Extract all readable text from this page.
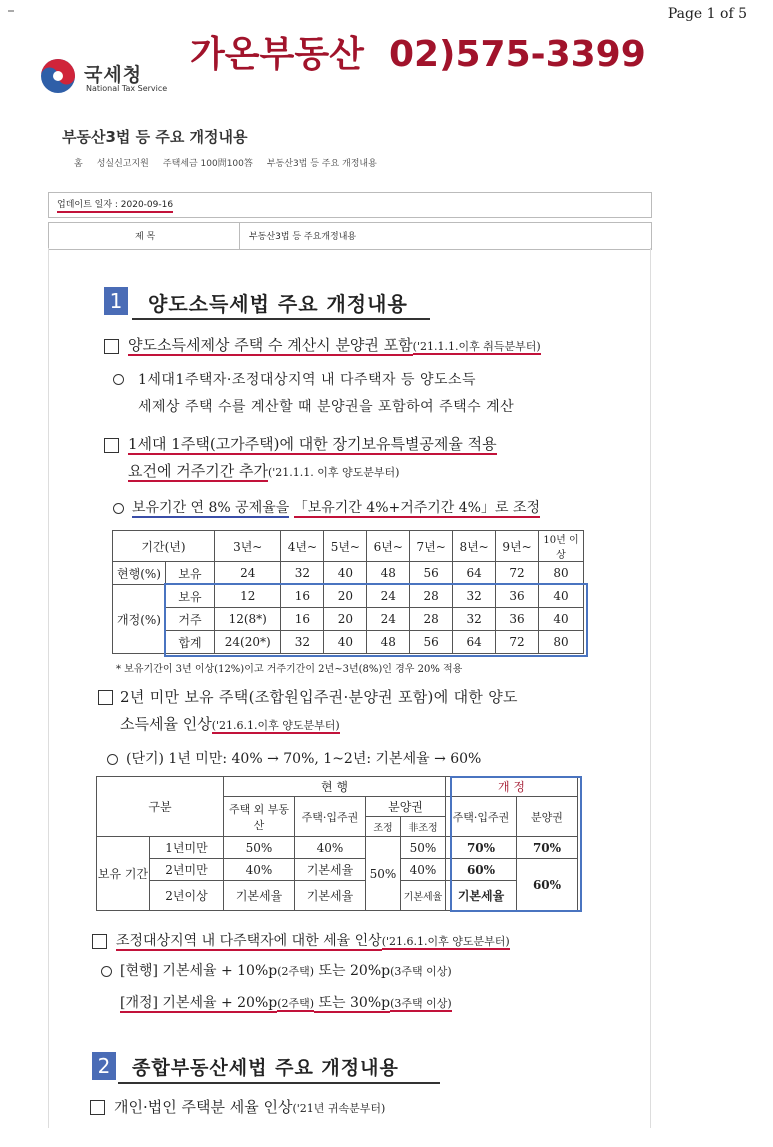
Page 1 of 5
국세청
National Tax Service
가온부동산  02)575-3399
부동산3법 등 주요 개정내용
홈 성실신고지원 주택세금 100問100答 부동산3법 등 주요 개정내용
업데이트 일자 : 2020-09-16
제 목	부동산3법 등 주요개정내용
1 양도소득세법 주요 개정내용
양도소득세제상 주택 수 계산시 분양권 포함('21.1.1.이후 취득분부터)
1세대1주택자·조정대상지역 내 다주택자 등 양도소득
세제상 주택 수를 계산할 때 분양권을 포함하여 주택수 계산
1세대 1주택(고가주택)에 대한 장기보유특별공제율 적용
요건에 거주기간 추가('21.1.1. 이후 양도분부터)
보유기간 연 8% 공제율을 「보유기간 4%+거주기간 4%」로 조정
기간(년)		3년~	4년~	5년~	6년~	7년~	8년~	9년~	10년 이상
현행(%)	보유	24	32	40	48	56	64	72	80
개정(%)	보유	12	16	20	24	28	32	36	40
	거주	12(8*)	16	20	24	28	32	36	40
	합계	24(20*)	32	40	48	56	64	72	80
* 보유기간이 3년 이상(12%)이고 거주기간이 2년~3년(8%)인 경우 20% 적용
2년 미만 보유 주택(조합원입주권·분양권 포함)에 대한 양도
소득세율 인상('21.6.1.이후 양도분부터)
(단기) 1년 미만: 40% → 70%, 1~2년: 기본세율 → 60%
구분		현 행				개 정	
		주택 외 부동산	주택·입주권	분양권		주택·입주권	분양권
				조정	非조정		
보유 기간	1년미만	50%	40%	50%	50%	70%	70%
	2년미만	40%	기본세율		40%	60%	60%
	2년이상	기본세율	기본세율		기본세율	기본세율	
조정대상지역 내 다주택자에 대한 세율 인상('21.6.1.이후 양도분부터)
[현행] 기본세율 + 10%p(2주택) 또는 20%p(3주택 이상)
[개정] 기본세율 + 20%p(2주택) 또는 30%p(3주택 이상)
2 종합부동산세법 주요 개정내용
개인·법인 주택분 세율 인상('21년 귀속분부터)
